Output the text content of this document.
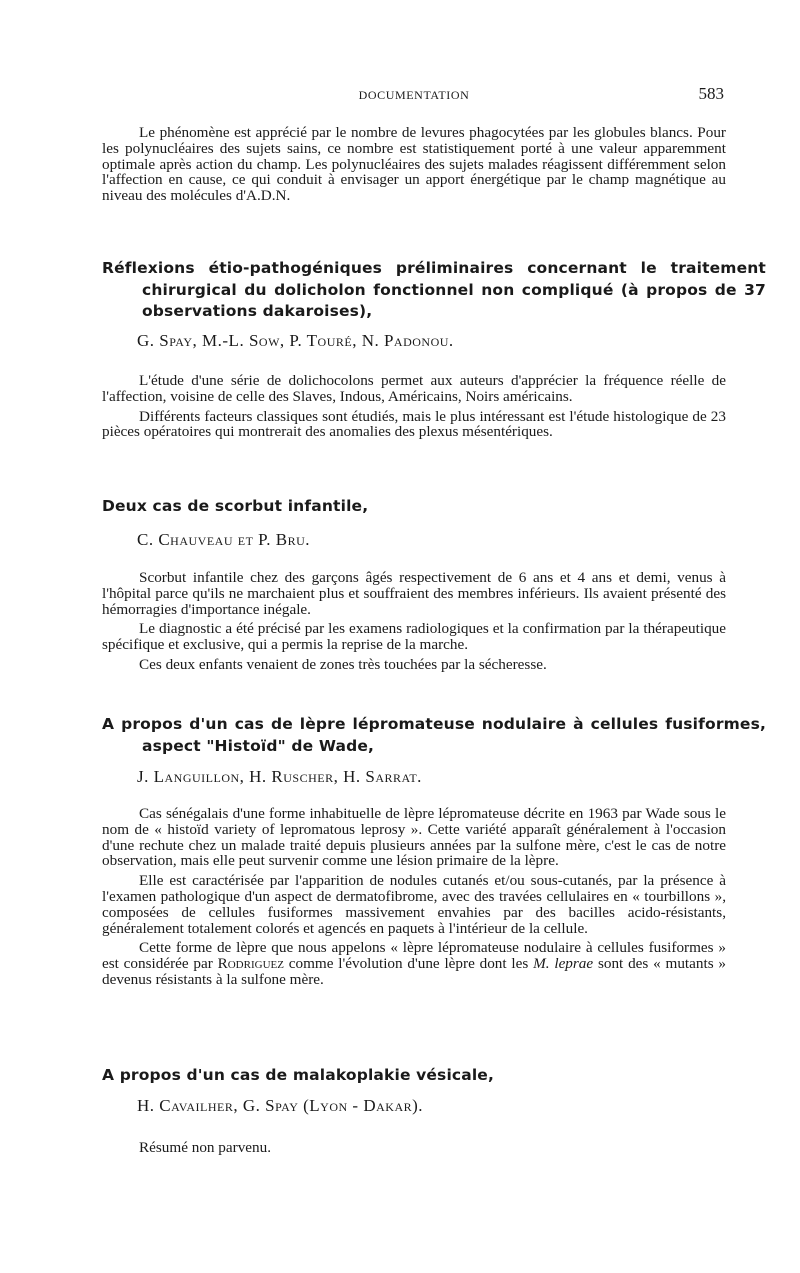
DOCUMENTATION	583

Le phénomène est apprécié par le nombre de levures phagocytées par les globules blancs. Pour les polynucléaires des sujets sains, ce nombre est statistiquement porté à une valeur apparemment optimale après action du champ. Les polynucléaires des sujets malades réagissent différemment selon l'affection en cause, ce qui conduit à envisager un apport énergétique par le champ magnétique au niveau des molécules d'A.D.N.

Réflexions étio-pathogéniques préliminaires concernant le traitement chirurgical du dolicholon fonctionnel non compliqué (à propos de 37 observations dakaroises),

G. Spay, M.-L. Sow, P. Touré, N. Padonou.

L'étude d'une série de dolichocolons permet aux auteurs d'apprécier la fréquence réelle de l'affection, voisine de celle des Slaves, Indous, Américains, Noirs américains.

Différents facteurs classiques sont étudiés, mais le plus intéressant est l'étude histologique de 23 pièces opératoires qui montrerait des anomalies des plexus mésentériques.

Deux cas de scorbut infantile,

C. Chauveau et P. Bru.

Scorbut infantile chez des garçons âgés respectivement de 6 ans et 4 ans et demi, venus à l'hôpital parce qu'ils ne marchaient plus et souffraient des membres inférieurs. Ils avaient présenté des hémorragies d'importance inégale.

Le diagnostic a été précisé par les examens radiologiques et la confirmation par la thérapeutique spécifique et exclusive, qui a permis la reprise de la marche.

Ces deux enfants venaient de zones très touchées par la sécheresse.

A propos d'un cas de lèpre lépromateuse nodulaire à cellules fusiformes, aspect "Histoïd" de Wade,

J. Languillon, H. Ruscher, H. Sarrat.

Cas sénégalais d'une forme inhabituelle de lèpre lépromateuse décrite en 1963 par Wade sous le nom de « histoïd variety of lepromatous leprosy ». Cette variété apparaît généralement à l'occasion d'une rechute chez un malade traité depuis plusieurs années par la sulfone mère, c'est le cas de notre observation, mais elle peut survenir comme une lésion primaire de la lèpre.

Elle est caractérisée par l'apparition de nodules cutanés et/ou sous-cutanés, par la présence à l'examen pathologique d'un aspect de dermatofibrome, avec des travées cellulaires en « tourbillons », composées de cellules fusiformes massivement envahies par des bacilles acido-résistants, généralement totalement colorés et agencés en paquets à l'intérieur de la cellule.

Cette forme de lèpre que nous appelons « lèpre lépromateuse nodulaire à cellules fusiformes » est considérée par Rodriguez comme l'évolution d'une lèpre dont les M. leprae sont des « mutants » devenus résistants à la sulfone mère.

A propos d'un cas de malakoplakie vésicale,

H. Cavailher, G. Spay (Lyon - Dakar).

Résumé non parvenu.
